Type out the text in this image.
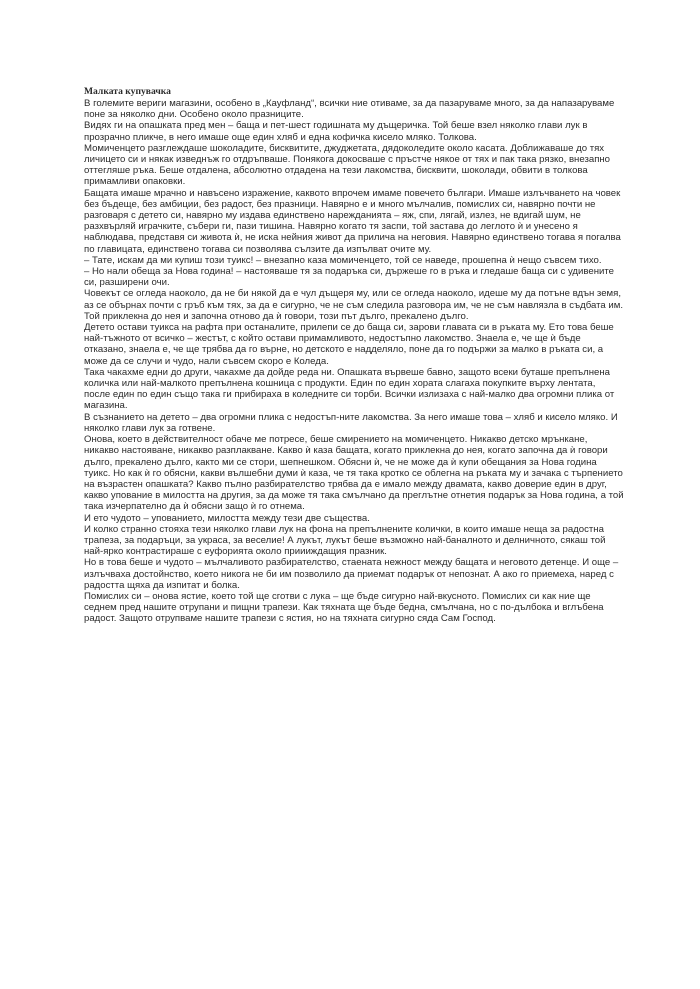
Малката купувачка

В големите вериги магазини, особено в „Кауфланд“, всички ние отиваме, за да пазаруваме много, за да напазаруваме поне за няколко дни. Особено около празниците.

Видях ги на опашката пред мен – баща и пет-шест годишната му дъщеричка. Той беше взел няколко глави лук в прозрачно пликче, в него имаше още един хляб и една кофичка кисело мляко. Толкова.

Момиченцето разглеждаше шоколадите, бисквитите, джуджетата, дядоколедите около касата. Доближаваше до тях личицето си и някак изведнъж го отдръпваше. Понякога докосваше с пръстче някое от тях и пак така рязко, внезапно оттегляше ръка. Беше отдалена, абсолютно отдадена на тези лакомства, бисквити, шоколади, обвити в толкова примамливи опаковки.

Бащата имаше мрачно и навъсено изражение, каквото впрочем имаме повечето българи. Имаше излъчването на човек без бъдеще, без амбиции, без радост, без празници. Навярно е и много мълчалив, помислих си, навярно почти не разговаря с детето си, навярно му издава единствено нарежданията – яж, спи, лягай, излез, не вдигай шум, не разхвърляй играчките, събери ги, пази тишина. Навярно когато тя заспи, той застава до леглото ѝ и унесено я наблюдава, представя си живота ѝ, не иска нейния живот да прилича на неговия. Навярно единствено тогава я погалва по главицата, единствено тогава си позволява сълзите да изпълват очите му.

– Тате, искам да ми купиш този туикс! – внезапно каза момиченцето, той се наведе, прошепна ѝ нещо съвсем тихо.

– Но нали обеща за Нова година! – настояваше тя за подаръка си, държеше го в ръка и гледаше баща си с удивените си, разширени очи.

Човекът се огледа наоколо, да не би някой да е чул дъщеря му, или се огледа наоколо, идеше му да потъне вдън земя, аз се обърнах почти с гръб към тях, за да е сигурно, че не съм следила разговора им, че не съм навлязла в съдбата им. Той приклекна до нея и започна отново да ѝ говори, този път дълго, прекалено дълго.

Детето остави туикса на рафта при останалите, прилепи се до баща си, зарови главата си в ръката му. Ето това беше най-тъжното от всичко – жестът, с който остави примамливото, недостъпно лакомство. Знаела е, че ще ѝ бъде отказано, знаела е, че ще трябва да го върне, но детското е надделяло, поне да го подържи за малко в ръката си, а може да се случи и чудо, нали съвсем скоро е Коледа.

Така чакахме едни до други, чакахме да дойде реда ни. Опашката вървеше бавно, защото всеки буташе препълнена количка или най-малкото препълнена кошница с продукти. Един по един хората слагаха покупките върху лентата, после един по един също така ги прибираха в коледните си торби. Всички излизаха с най-малко два огромни плика от магазина.

В съзнанието на детето – два огромни плика с недостъп-ните лакомства. За него имаше това – хляб и кисело мляко. И няколко глави лук за готвене.

Онова, което в действителност обаче ме потресе, беше смирението на момиченцето. Никакво детско мрънкане, никакво настояване, никакво разплакване. Какво ѝ каза бащата, когато приклекна до нея, когато започна да ѝ говори дълго, прекалено дълго, както ми се стори, шепнешком. Обясни ѝ, че не може да ѝ купи обещания за Нова година туикс. Но как ѝ го обясни, какви вълшебни думи ѝ каза, че тя така кротко се облегна на ръката му и зачака с търпението на възрастен опашката? Какво пълно разбирателство трябва да е имало между двамата, какво доверие един в друг, какво упование в милостта на другия, за да може тя така смълчано да преглътне отнетия подарък за Нова година, а той така изчерпателно да ѝ обясни защо ѝ го отнема.

И ето чудото – упованието, милостта между тези две същества.

И колко странно стояха тези няколко глави лук на фона на препълнените колички, в които имаше неща за радостна трапеза, за подаръци, за украса, за веселие! А лукът, лукът беше възможно най-баналното и делничното, сякаш той най-ярко контрастираше с еуфорията около приииждащия празник.

Но в това беше и чудото – мълчаливото разбирателство, стаената нежност между бащата и неговото детенце. И още – излъчваха достойнство, което никога не би им позволило да приемат подарък от непознат. А ако го приемеха, наред с радостта щяха да изпитат и болка.

Помислих си – онова ястие, което той ще сготви с лука – ще бъде сигурно най-вкусното. Помислих си как ние ще седнем пред нашите отрупани и пищни трапези. Как тяхната ще бъде бедна, смълчана, но с по-дълбока и вглъбена радост. Защото отрупваме нашите трапези с ястия, но на тяхната сигурно сяда Сам Господ.
